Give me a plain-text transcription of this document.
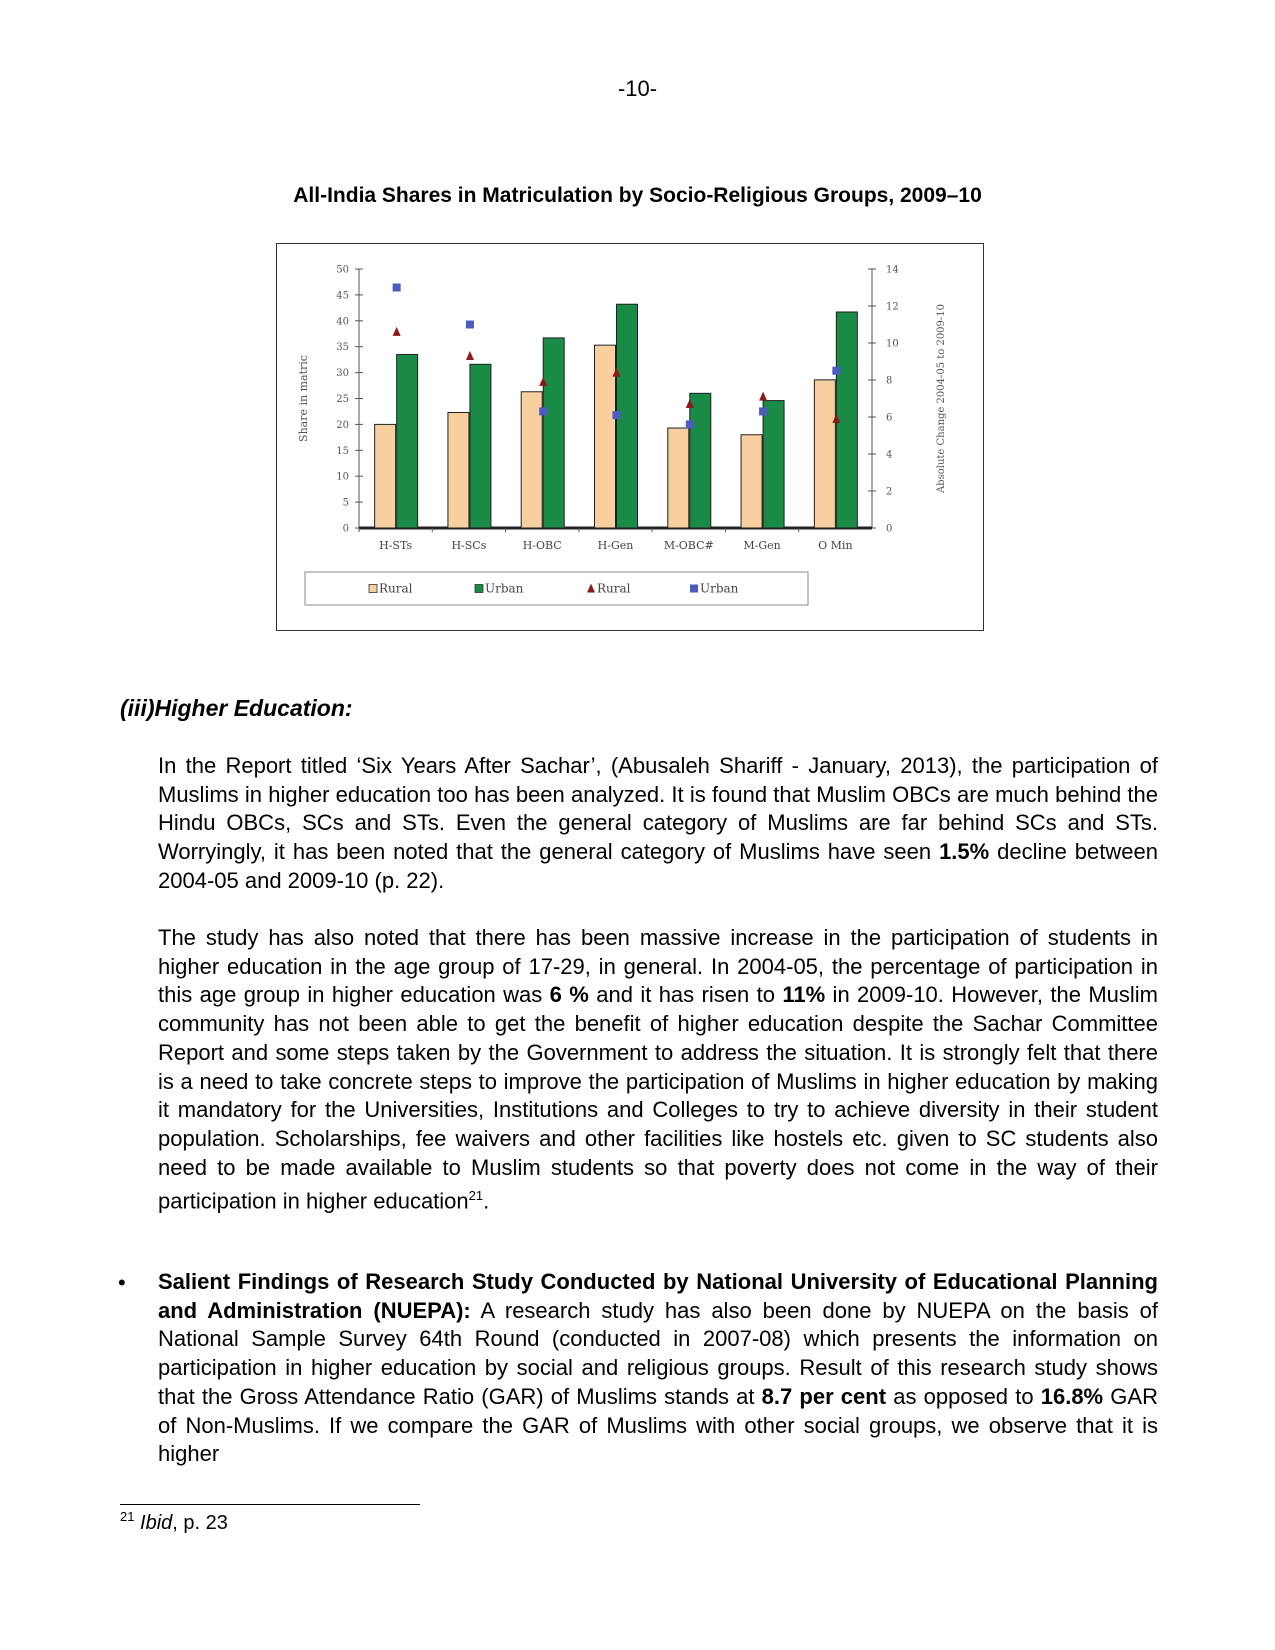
-10-
All-India Shares in Matriculation by Socio-Religious Groups, 2009–10
0
5
10
15
20
25
30
35
40
45
50
0
2
4
6
8
10
12
14
Share in matric	Absolute Change 2004-05 to 2009-10
H-STs	H-SCs	H-OBC	H-Gen	M-OBC#	M-Gen	O Min
Rural	Urban	Rural	Urban
(iii)Higher Education:

In the Report titled ‘Six Years After Sachar’, (Abusaleh Shariff - January, 2013), the participation of Muslims in higher education too has been analyzed. It is found that Muslim OBCs are much behind the Hindu OBCs, SCs and STs. Even the general category of Muslims are far behind SCs and STs. Worryingly, it has been noted that the general category of Muslims have seen 1.5% decline between 2004-05 and 2009-10 (p. 22).

The study has also noted that there has been massive increase in the participation of students in higher education in the age group of 17-29, in general. In 2004-05, the percentage of participation in this age group in higher education was 6 % and it has risen to 11% in 2009-10. However, the Muslim community has not been able to get the benefit of higher education despite the Sachar Committee Report and some steps taken by the Government to address the situation. It is strongly felt that there is a need to take concrete steps to improve the participation of Muslims in higher education by making it mandatory for the Universities, Institutions and Colleges to try to achieve diversity in their student population. Scholarships, fee waivers and other facilities like hostels etc. given to SC students also need to be made available to Muslim students so that poverty does not come in the way of their participation in higher education$^{21}$.

• Salient Findings of Research Study Conducted by National University of Educational Planning and Administration (NUEPA): A research study has also been done by NUEPA on the basis of National Sample Survey 64th Round (conducted in 2007-08) which presents the information on participation in higher education by social and religious groups. Result of this research study shows that the Gross Attendance Ratio (GAR) of Muslims stands at 8.7 per cent as opposed to 16.8% GAR of Non-Muslims. If we compare the GAR of Muslims with other social groups, we observe that it is higher

$^{21}$ Ibid, p. 23
